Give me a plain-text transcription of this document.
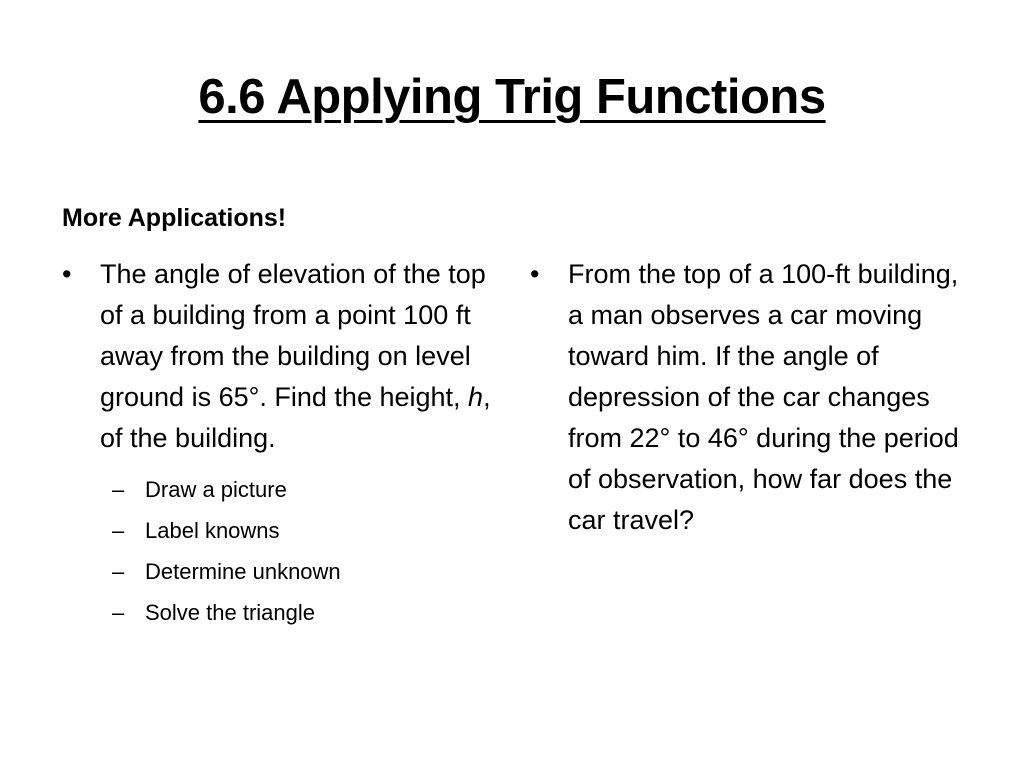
6.6 Applying Trig Functions
More Applications!
•	The angle of elevation of the top of a building from a point 100 ft away from the building on level ground is 65°. Find the height, h, of the building.
– Draw a picture
– Label knowns
– Determine unknown
– Solve the triangle
•	From the top of a 100-ft building, a man observes a car moving toward him. If the angle of depression of the car changes from 22° to 46° during the period of observation, how far does the car travel?
